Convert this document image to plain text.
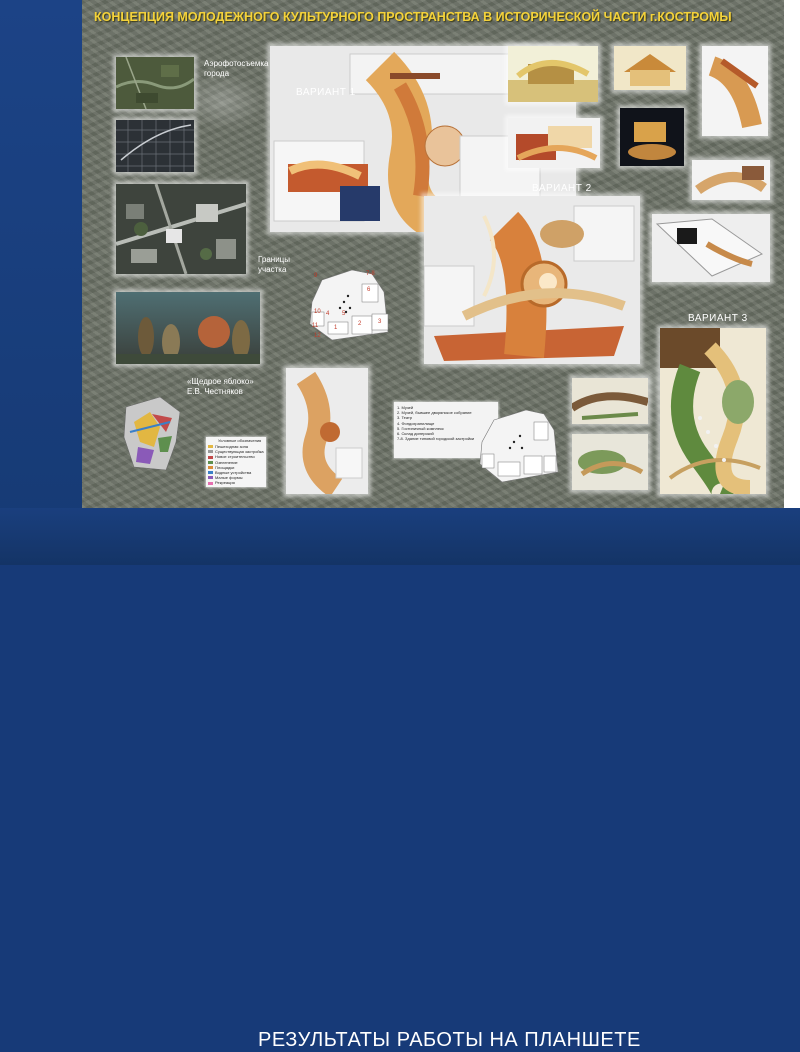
КОНЦЕПЦИЯ МОЛОДЕЖНОГО КУЛЬТУРНОГО ПРОСТРАНСТВА В ИСТОРИЧЕСКОЙ ЧАСТИ г.КОСТРОМЫ
Аэрофотосъемка
города
Границы
участка
«Щедрое яблоко»
Е.В. Честняков
Условные обозначения
Пешеходная зона
Существующая застройка
Новое строительство
Озеленение
Площадки
Водные устройства
Малые формы
Рекреация
ВАРИАНТ 1
ВАРИАНТ 2
9	7-8
6
10	5
4
11	1
2	3
12
1. Музей
2. Музей, бывшее дворянское собрание
3. Театр
4. Фондохранилище
5. Гостиничный комплекс
6. Склад дилерский
7-8. Здание типовой городской застройки
ВАРИАНТ 3
РЕЗУЛЬТАТЫ РАБОТЫ НА ПЛАНШЕТЕ
